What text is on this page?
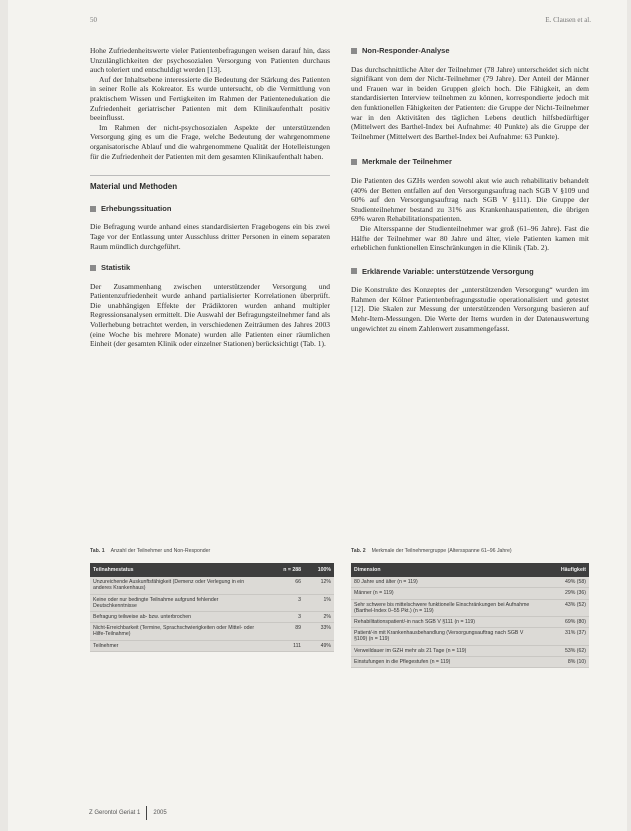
50	E. Clausen et al.

Hohe Zufriedenheitswerte vieler Patientenbefragungen weisen darauf hin, dass Unzulänglichkeiten der psychosozialen Versorgung von Patienten durchaus auch toleriert und entschuldigt werden [13].

Auf der Inhaltsebene interessierte die Bedeutung der Stärkung des Patienten in seiner Rolle als Kokreator. Es wurde untersucht, ob die Vermittlung von praktischem Wissen und Fertigkeiten im Rahmen der Patientenedukation die Zufriedenheit geriatrischer Patienten mit dem Klinikaufenthalt positiv beeinflusst.

Im Rahmen der nicht-psychosozialen Aspekte der unterstützenden Versorgung ging es um die Frage, welche Bedeutung der wahrgenommene organisatorische Ablauf und die wahrgenommene Qualität der Hotelleistungen für die Zufriedenheit der Patienten mit dem gesamten Klinikaufenthalt haben.

Material und Methoden
Erhebungssituation

Die Befragung wurde anhand eines standardisierten Fragebogens ein bis zwei Tage vor der Entlassung unter Ausschluss dritter Personen in einem separaten Raum mündlich durchgeführt.

Statistik

Der Zusammenhang zwischen unterstützender Versorgung und Patientenzufriedenheit wurde anhand partialisierter Korrelationen überprüft. Die unabhängigen Effekte der Prädiktoren wurden anhand multipler Regressionsanalysen ermittelt. Die Auswahl der Befragungsteilnehmer fand als Vollerhebung betrachtet werden, in verschiedenen Zeiträumen des Jahres 2003 (eine Woche bis mehrere Monate) wurden alle Patienten einer räumlichen Einheit (der gesamten Klinik oder einzelner Stationen) berücksichtigt (Tab. 1).

Non-Responder-Analyse

Das durchschnittliche Alter der Teilnehmer (78 Jahre) unterscheidet sich nicht signifikant von dem der Nicht-Teilnehmer (79 Jahre). Der Anteil der Männer und Frauen war in beiden Gruppen gleich hoch. Die Fähigkeit, an dem standardisierten Interview teilnehmen zu können, korrespondierte jedoch mit den funktionellen Fähigkeiten der Patienten: die Gruppe der Nicht-Teilnehmer war in den Aktivitäten des täglichen Lebens deutlich hilfsbedürftiger (Mittelwert des Barthel-Index bei Aufnahme: 40 Punkte) als die Gruppe der Teilnehmer (Mittelwert des Barthel-Index bei Aufnahme: 63 Punkte).

Merkmale der Teilnehmer

Die Patienten des GZHs werden sowohl akut wie auch rehabilitativ behandelt (40% der Betten entfallen auf den Versorgungsauftrag nach SGB V §109 und 60% auf den Versorgungsauftrag nach SGB V §111). Die Gruppe der Studienteilnehmer bestand zu 31% aus Krankenhauspatienten, die übrigen 69% waren Rehabilitationspatienten.

Die Altersspanne der Studienteilnehmer war groß (61–96 Jahre). Fast die Hälfte der Teilnehmer war 80 Jahre und älter, viele Patienten kamen mit erheblichen funktionellen Einschränkungen in die Klinik (Tab. 2).

Erklärende Variable: unterstützende Versorgung

Die Konstrukte des Konzeptes der „unterstützenden Versorgung“ wurden im Rahmen der Kölner Patientenbefragungsstudie operationalisiert und getestet [12]. Die Skalen zur Messung der unterstützenden Versorgung basieren auf Mehr-Item-Messungen. Die Werte der Items wurden in der Datenauswertung ungewichtet zu einem Zahlenwert zusammengefasst.

Tab. 1 Anzahl der Teilnehmer und Non-Responder
Teilnahmestatus	n = 288	100%
Unzureichende Auskunftsfähigkeit (Demenz oder Verlegung in ein anderes Krankenhaus)	66	12%
Keine oder nur bedingte Teilnahme aufgrund fehlender Deutschkenntnisse	3	1%
Befragung teilweise ab- bzw. unterbrochen	3	2%
Nicht-Erreichbarkeit (Termine, Sprachschwierigkeiten oder Mittel- oder Hilfe-Teilnahme)	89	33%
Teilnehmer	111	49%
Tab. 2 Merkmale der Teilnehmergruppe (Altersspanne 61–96 Jahre)
Dimension	Häufigkeit
80 Jahre und älter (n = 119)	49% (58)
Männer (n = 119)	29% (36)
Sehr schwere bis mittelschwere funktionelle Einschränkungen bei Aufnahme (Barthel-Index 0–55 Pkt.) (n = 119)	43% (52)
Rehabilitationspatient/-in nach SGB V §111 (n = 119)	69% (80)
Patient/-in mit Krankenhausbehandlung (Versorgungsauftrag nach SGB V §109) (n = 119)	31% (37)
Verweildauer im GZH mehr als 21 Tage (n = 119)	53% (62)
Einstufungen in die Pflegestufen (n = 119)	8% (10)
Z Gerontol Geriat 1 2005
